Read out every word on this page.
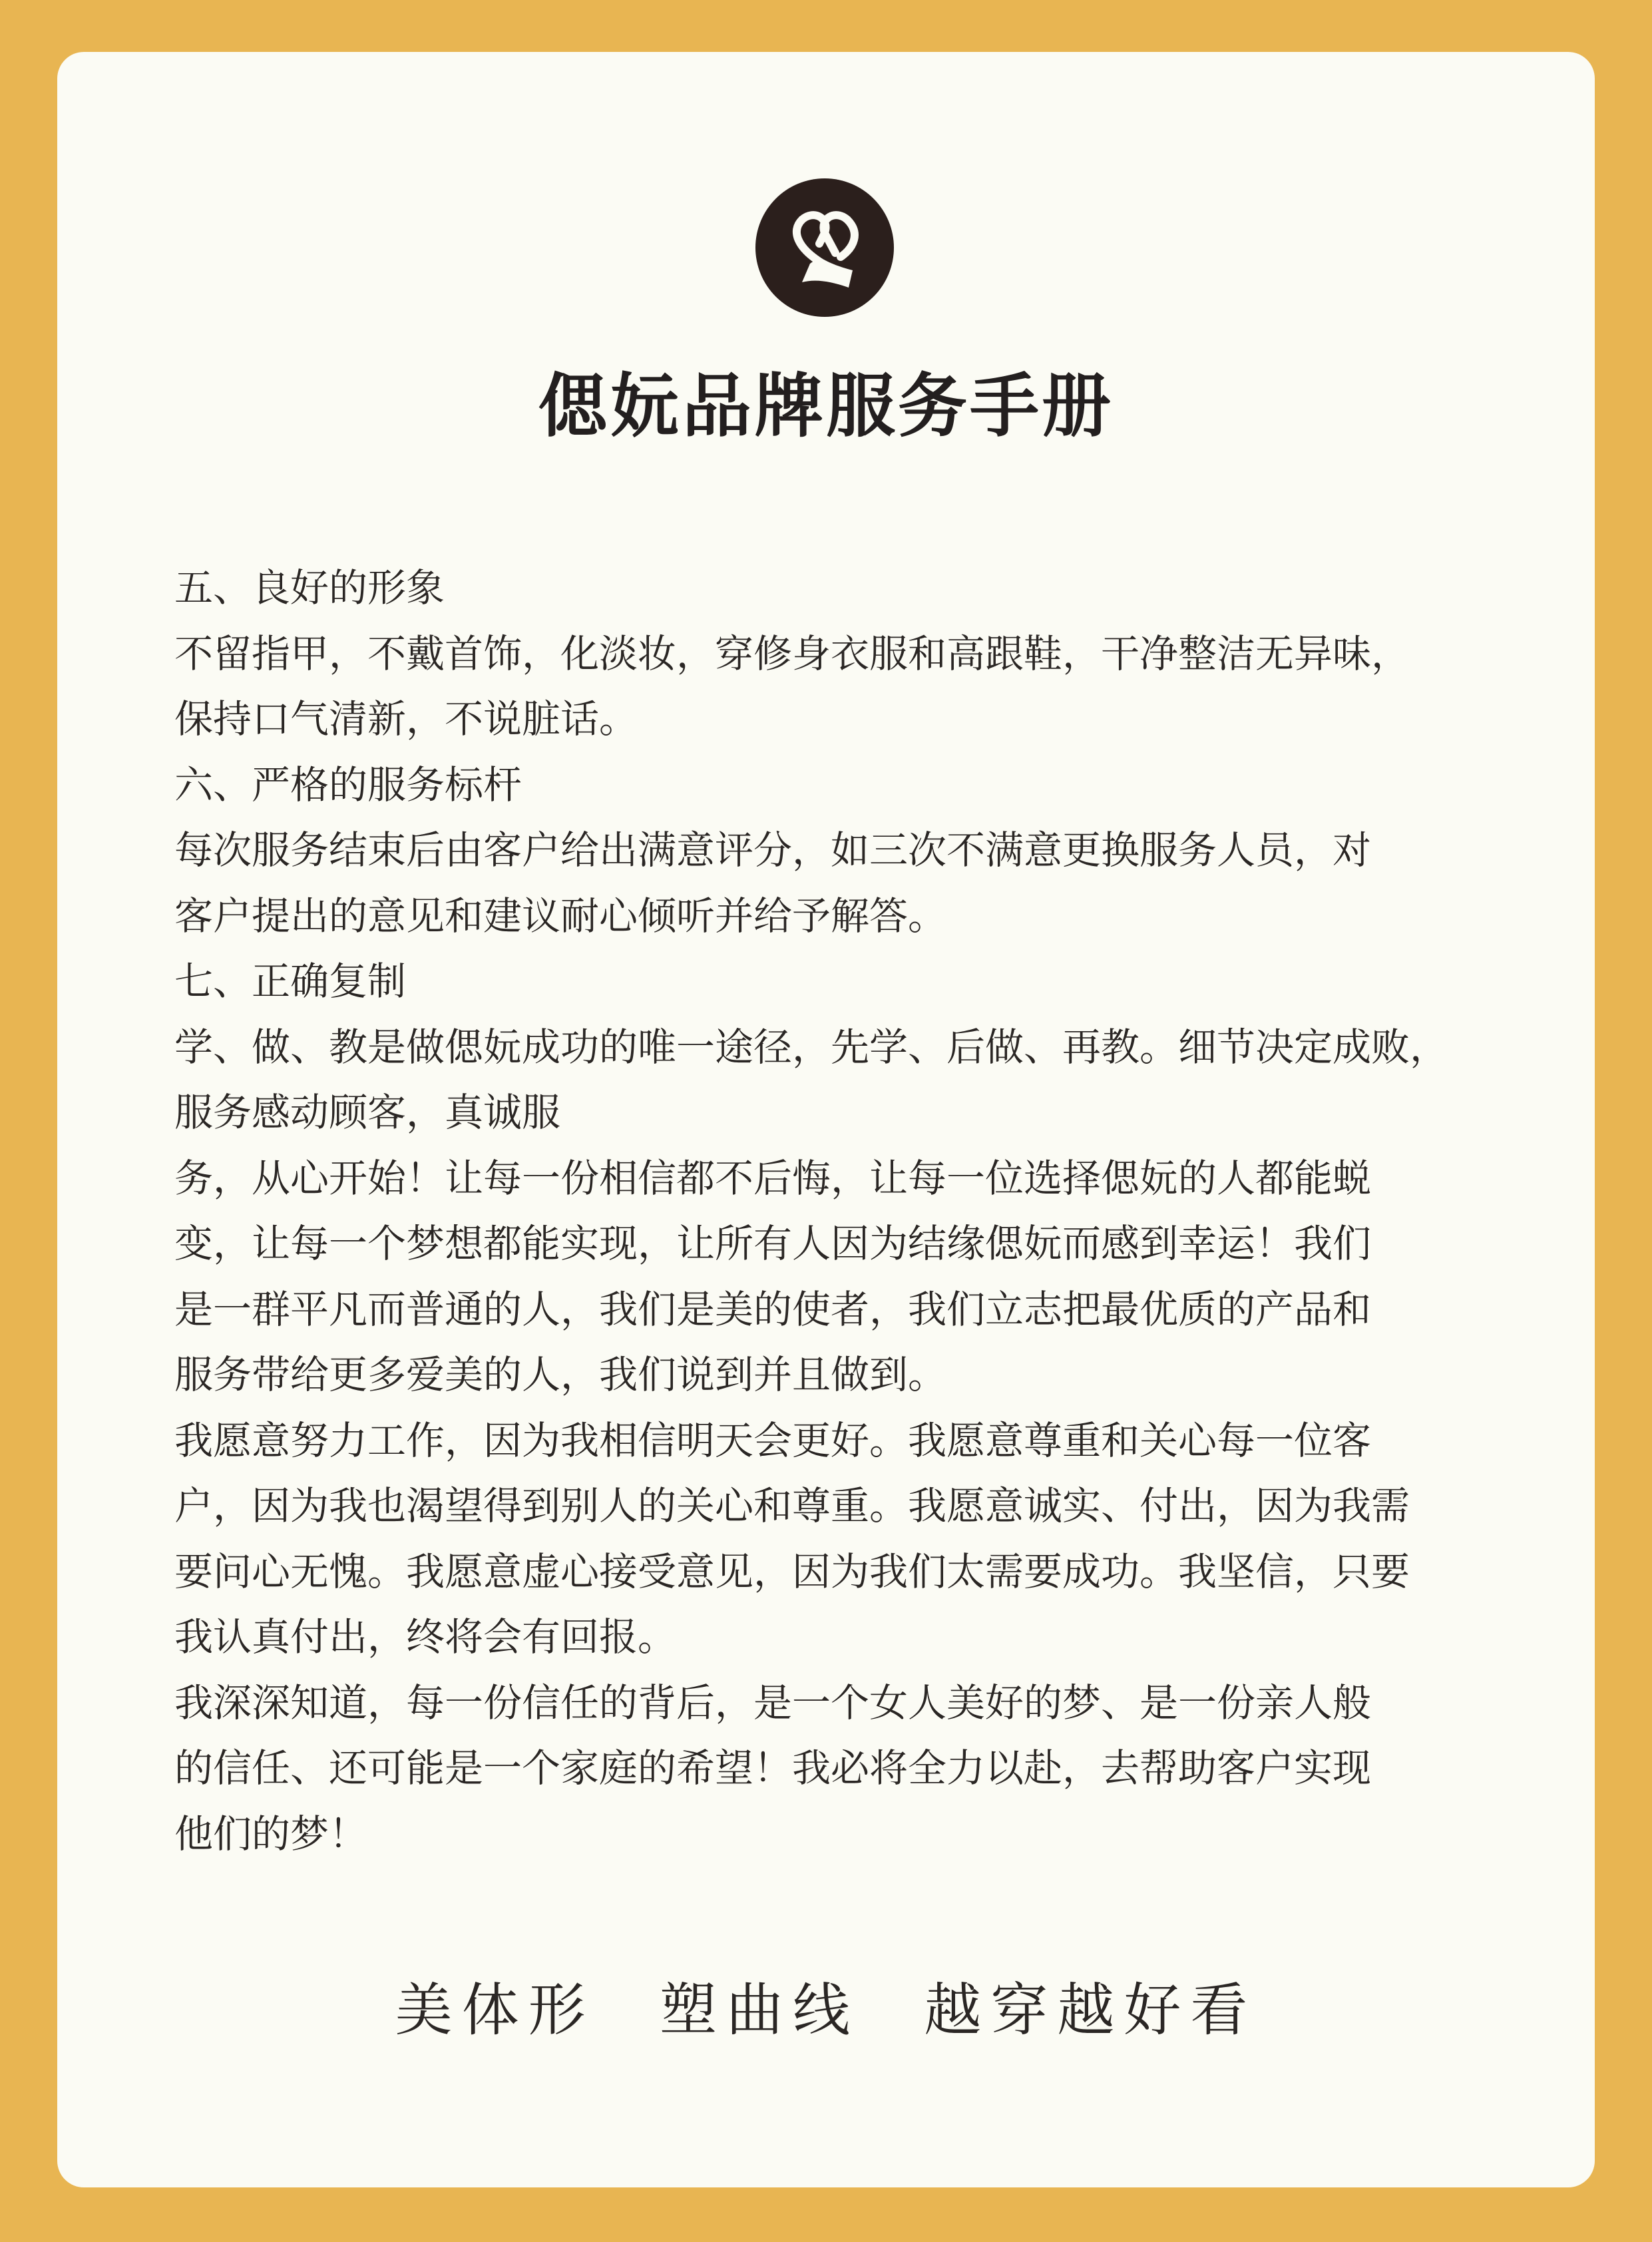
偲妧品牌服务手册
五、良好的形象
不留指甲，不戴首饰，化淡妆，穿修身衣服和高跟鞋，干净整洁无异味，
保持口气清新，不说脏话。
六、严格的服务标杆
每次服务结束后由客户给出满意评分，如三次不满意更换服务人员，对
客户提出的意见和建议耐心倾听并给予解答。
七、正确复制
学、做、教是做偲妧成功的唯一途径，先学、后做、再教。细节决定成败，
服务感动顾客，真诚服
务，从心开始！让每一份相信都不后悔，让每一位选择偲妧的人都能蜕
变，让每一个梦想都能实现，让所有人因为结缘偲妧而感到幸运！我们
是一群平凡而普通的人，我们是美的使者，我们立志把最优质的产品和
服务带给更多爱美的人，我们说到并且做到。
我愿意努力工作，因为我相信明天会更好。我愿意尊重和关心每一位客
户，因为我也渴望得到别人的关心和尊重。我愿意诚实、付出，因为我需
要问心无愧。我愿意虚心接受意见，因为我们太需要成功。我坚信，只要
我认真付出，终将会有回报。
我深深知道，每一份信任的背后，是一个女人美好的梦、是一份亲人般
的信任、还可能是一个家庭的希望！我必将全力以赴，去帮助客户实现
他们的梦！
美体形 塑曲线 越穿越好看
